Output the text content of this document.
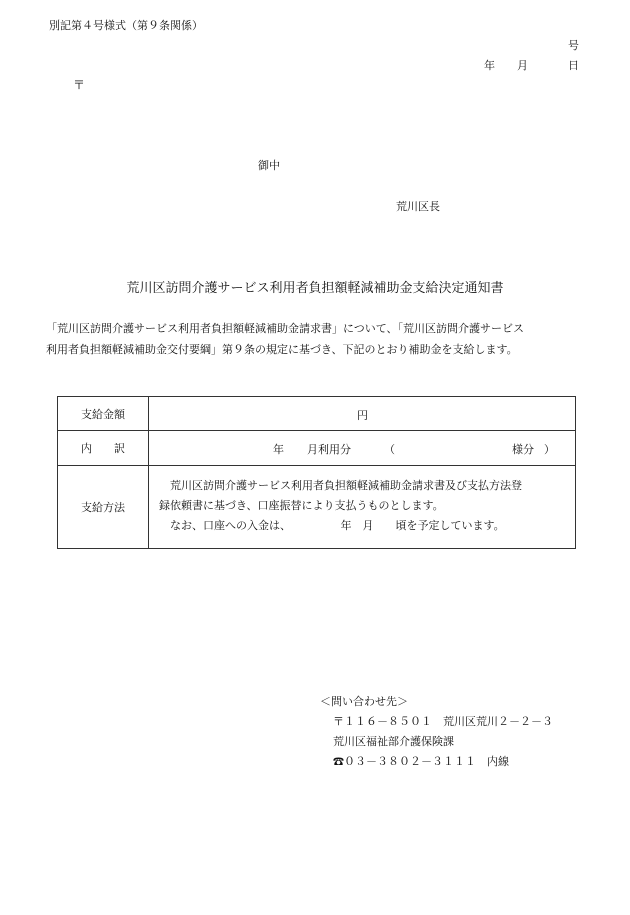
別記第４号様式（第９条関係）
号
年 月	日
〒
御中
荒川区長
荒川区訪問介護サービス利用者負担額軽減補助金支給決定通知書
「荒川区訪問介護サービス利用者負担額軽減補助金請求書」について、「荒川区訪問介護サービス
利用者負担額軽減補助金交付要綱」第９条の規定に基づき、下記のとおり補助金を支給します。
支給金額	円

内　　訳	年 月利用分 （ 様分 ）

支給方法	荒川区訪問介護サービス利用者負担額軽減補助金請求書及び支払方法登
録依頼書に基づき、口座振替により支払うものとします。
なお、口座への入金は、　　　　　年　月　　頃を予定しています。
＜問い合わせ先＞
〒１１６－８５０１　荒川区荒川２－２－３
荒川区福祉部介護保険課
☎０３－３８０２－３１１１　内線
